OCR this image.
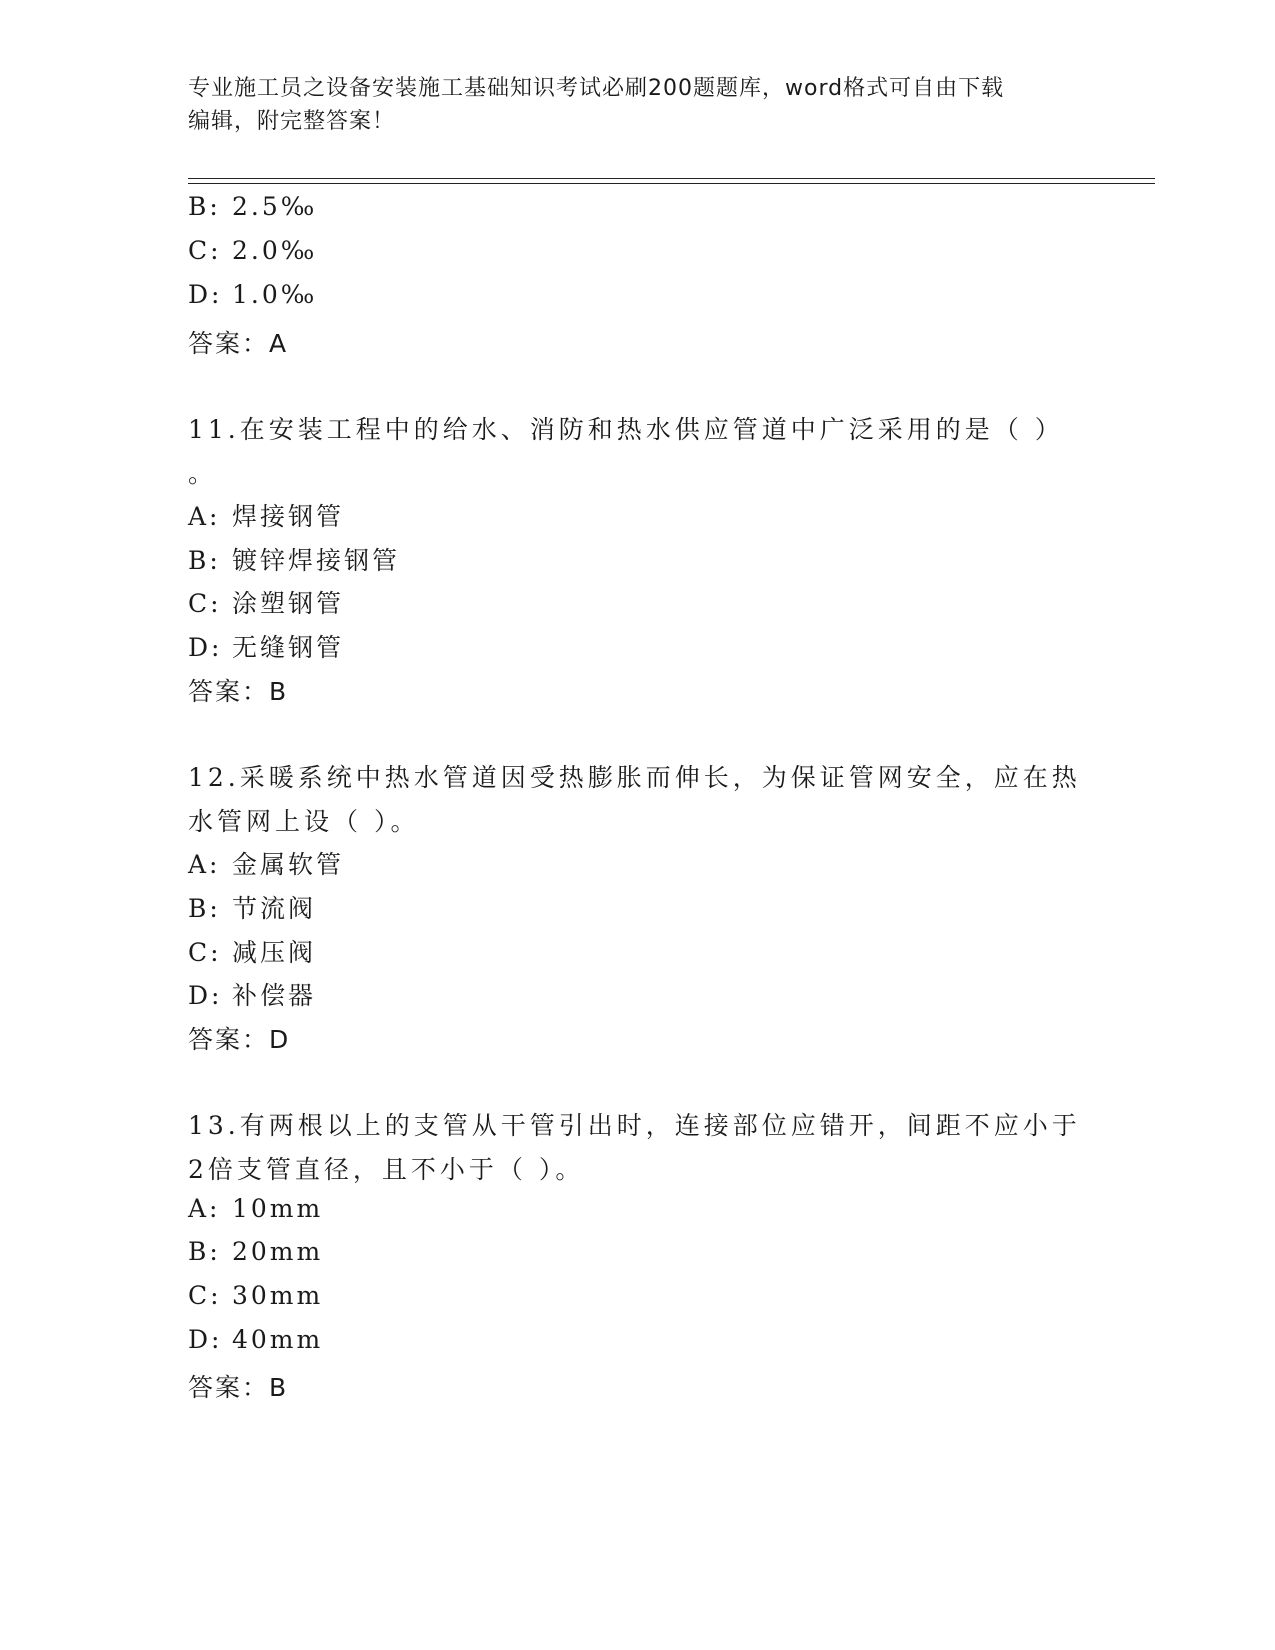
专业施工员之设备安装施工基础知识考试必刷200题题库，word格式可自由下载
编辑，附完整答案！
B: 2.5‰
C: 2.0‰
D: 1.0‰
答案：A
11.在安装工程中的给水、消防和热水供应管道中广泛采用的是（ ）
。
A: 焊接钢管
B: 镀锌焊接钢管
C: 涂塑钢管
D: 无缝钢管
答案：B
12.采暖系统中热水管道因受热膨胀而伸长，为保证管网安全，应在热
水管网上设（ ）。
A: 金属软管
B: 节流阀
C: 减压阀
D: 补偿器
答案：D
13.有两根以上的支管从干管引出时，连接部位应错开，间距不应小于
2倍支管直径，且不小于（ ）。
A: 10mm
B: 20mm
C: 30mm
D: 40mm
答案：B
